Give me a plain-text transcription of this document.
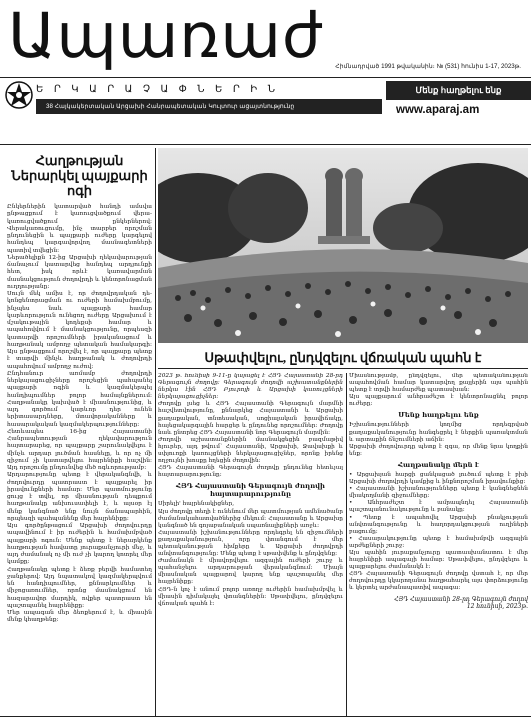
Ապառաժ Հիմնադրված 1991 թվականին։ № (531) հունիս 1-17, 2023թ.
ԵՐԿԱՐԱՉԱՓՆԵՐԻՆ
38 Հայկակերտական Արցախի Հանրապետական Կուլտուր ացայտնությունը
Մենք հաղթելու ենք
www.aparaj.am
Հաղթության Ներարկել պայքարի ոգի

Ընկերներին կատարված հանդի ամսվա ընթացքում է կառուցվածքում վերա-կառուցվածքում ընկերներով։ Վերակառուցումը, ինչ տարբեր որոշման ընդունեցին և պայքարի ուժերը կարգելով հանդեպ կարգավորվող մասնագետների պատիվ տվեցին։

Ներածելիքն 12-ից Արցախի ղեկավարության ճանաչում կատարվեց հանդեպ արդյունքի հետ, իսկ որևէ կառավարման մասնակցություն ժողովրդի և կենտրոնացման ուղղությանը։

Սույն մեկ ամիս է, որ ժողովրդական դե-կոնցենտրացման ու ուժերի համախմբումը, ինչպես նաև պայքարի համար կարևորություն ունեցող ուժերը Արցախում է մշակութային կոդեքսի համար և ապահովվում է մասնակցությունը, որպեսզի կատարվի որոշումների իրականացում և հաղթանակ ամբողջ պետական համակարգի։ Այս ընթացքում որոշվել է, որ պայքարը պետք է տարվի մինչև հաղթանակ և ժողովրդի ապահովում ամբողջ ուժով։

Ընդհանուր առմամբ ժողովրդի ներկայացուցիչները որոշեցին պահպանել պայքարի ոգին և կազմակերպել հանդիպումներ բոլոր համայնքներում։ Հաղթանակը կախված է միասնությունից, և այդ գործում կարևոր դեր ունեն երիտասարդները, մտավորականները և հասարակական կազմակերպությունները։

Հետևապես 16-ից Հայաստանի Հանրապետության ղեկավարություն հայտարարեց, որ պայքարը շարունակվելու է մինչև արդար լուծման հասնելը, և որ ոչ մի զիջում չի կատարվելու հայրենիքի հաշվին։ Այդ որոշումը ընդունվեց մեծ ոգևորությամբ։

Արդարությունը պետք է վերականգնվի, և ժողովուրդը պատրաստ է պայքարել իր իրավունքների համար։ Մեր պատմությունը ցույց է տվել, որ միասնության դեպքում հաղթանակը անխուսափելի է, և այսօր էլ մենք կանգնած ենք նույն ճանապարհին, որպեսզի պահպանենք մեր հայրենիքը։

Այս գործընթացում Արցախի ժողովուրդը ապավինում է իր ուժերին և համախմբված պայքարի ոգուն։ Մենք պետք է ներարկենք հաղթության հավատը յուրաքանչյուրի մեջ, և այդ ժամանակ ոչ մի ուժ չի կարող կոտրել մեր կամքը։

Հաղթանակը պետք է ձեռք բերվի համատեղ ջանքերով։ Այդ նպատակով կազմակերպվում են հանդիպումներ, քննարկումներ և միջոցառումներ, որոնց մասնակցում են հազարավոր մարդիկ, ովքեր պատրաստ են պաշտպանել հայրենիքը։

Մեր ապագան մեր ձեռքերում է, և միասին մենք կհաղթենք։

Սթափվելու, ընդվզելու վճռական պահն է

2023 թ. հունիսի 9-11-ը կայացել է ՀՅԴ Հայաստանի 28-րդ Գերագույն ժողովը։ Գերագույն ժողովի աշխատանքներին ներկա էին ՀՅԴ Բյուրոյի և Արցախի կառույցների ներկայացուցիչներ։

Ժողովը լսեց և ՀՅԴ Հայաստանի Գերագույն մարմնի հաշվետվությունը, քննարկեց Հայաստանի և Արցախի քաղաքական, տնտեսական, սոցիալական իրավիճակը, հայեցակարգային հարցեր և ընդունեց որոշումներ։ Ժողովը նաև ընտրեց ՀՅԴ Հայաստանի նոր Գերագույն մարմին։

Ժողովի աշխատանքներին մասնակցեցին բազմաթիվ հյուրեր, այդ թվում՝ Հայաստանի, Արցախի, Ջավախքի և սփյուռքի կառույցների ներկայացուցիչներ, որոնք իրենց ողջույնի խոսքը հղեցին ժողովին։

ՀՅԴ Հայաստանի Գերագույն ժողովը ընդունեց հետևյալ հայտարարությունը։

ՀՅԴ Հայաստանի Գերագույն ժողովի հայտարարությունը

Սիրելի' հայրենակիցներ,

Այս ժողովը տեղի է ունենում մեր պատմության ամենածանր ժամանակահատվածներից մեկում։ Հայաստանը և Արցախը կանգնած են գոյաբանական սպառնալիքների առջև։

Հայաստանի իշխանությունները որդեգրել են զիջումների քաղաքականություն, որը վտանգում է մեր պետականության հիմքերը և Արցախի ժողովրդի անվտանգությունը։ Մենք պետք է սթափվենք և ընդվզենք։

Ժամանակն է միավորվելու ազգային ուժերի շուրջ և պահանջելու արդարության վերականգնում։ Միայն միասնական պայքարով կարող ենք պաշտպանել մեր հայրենիքը։

ՀՅԴ-ն կոչ է անում բոլոր առողջ ուժերին համախմբվել և միասին դիմակայել վտանգներին։ Սթափվելու, ընդվզելու վճռական պահն է։

Միասնությամբ, ընդվզելու, մեր պետականության ապահովման համար կատարվող քայլերին այս պահին պետք է տրվի համարժեք պատասխան։

Այս պայքարում անհրաժեշտ է կենտրոնացնել բոլոր ուժերը։

Մենք հաղթելու ենք

Իշխանությունների կողմից որդեգրված քաղաքականությունը հանգեցրել է ներքին պառակտման և արտաքին ճնշումների աճին։

Արցախի ժողովուրդը պետք է զգա, որ մենք նրա կողքին ենք։

Հաղթանակը մերն է

• Արցախյան հարցի ցանկացած լուծում պետք է բխի Արցախի ժողովրդի կամքից և ինքնորոշման իրավունքից։

• Հայաստանի իշխանությունները պետք է կանգնեցնեն միակողմանի զիջումները։

• Անհրաժեշտ է ամրապնդել Հայաստանի պաշտպանունակությունը և բանակը։

• Պետք է ապահովել Արցախի բնակչության անվտանգությունը և հաղորդակցության ուղիների բացումը։

• Հասարակությունը պետք է համախմբվի ազգային արժեքների շուրջ։

Այս պահին յուրաքանչյուրը պատասխանատու է մեր հայրենիքի ապագայի համար։ Սթափվելու, ընդվզելու և պայքարելու ժամանակն է։

ՀՅԴ Հայաստանի Գերագույն ժողովը վստահ է, որ մեր ժողովուրդը կկարողանա հաղթահարել այս փորձությունը և կերտել արժանապատիվ ապագա։

ՀՅԴ Հայաստանի 28-րդ Գերագույն ժողով
12 հունիսի, 2023թ.
